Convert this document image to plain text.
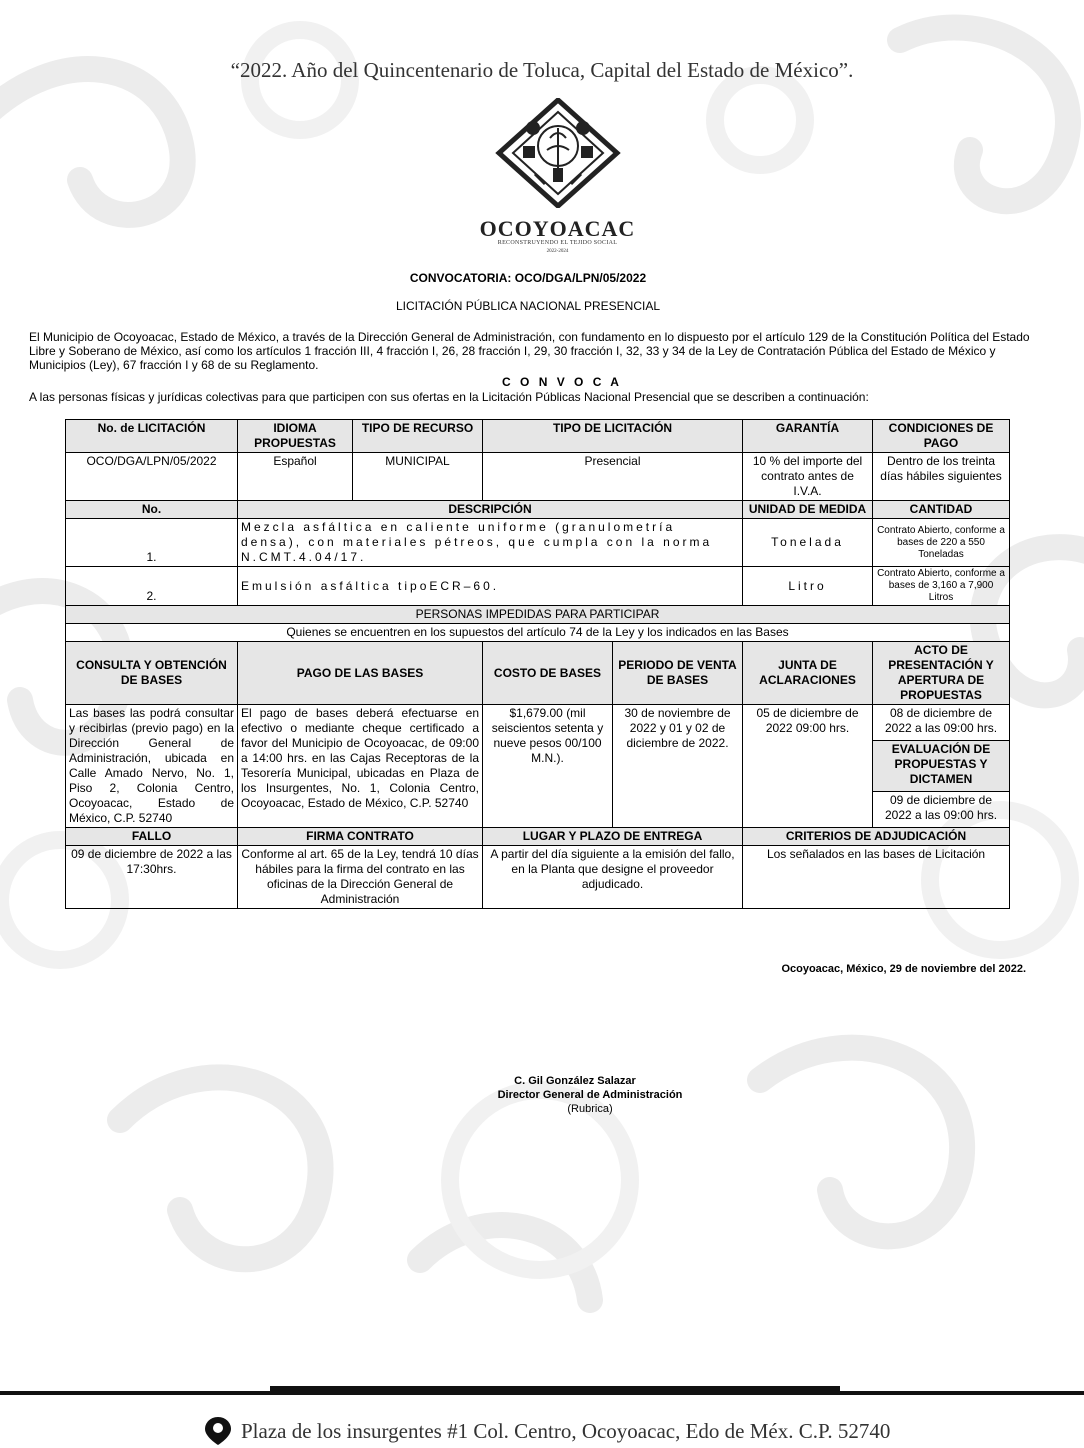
“2022. Año del Quincentenario de Toluca, Capital del Estado de México”.
OCOYOACAC
RECONSTRUYENDO EL TEJIDO SOCIAL
2022-2024
CONVOCATORIA: OCO/DGA/LPN/05/2022
LICITACIÓN PÚBLICA NACIONAL PRESENCIAL
El Municipio de Ocoyoacac, Estado de México, a través de la Dirección General de Administración, con fundamento en lo dispuesto por el artículo 129 de la Constitución Política del Estado Libre y Soberano de México, así como los artículos 1 fracción III, 4 fracción I, 26, 28 fracción I, 29, 30 fracción I, 32, 33 y 34 de la Ley de Contratación Pública del Estado de México y Municipios (Ley), 67 fracción I y 68 de su Reglamento.
C O N V O C A
A las personas físicas y jurídicas colectivas para que participen con sus ofertas en la Licitación Públicas Nacional Presencial que se describen a continuación:
No. de LICITACIÓN	IDIOMA PROPUESTAS	TIPO DE RECURSO	TIPO DE LICITACIÓN		GARANTÍA	CONDICIONES DE PAGO
OCO/DGA/LPN/05/2022	Español	MUNICIPAL	Presencial		10 % del importe del contrato antes de I.V.A.	Dentro de los treinta días hábiles siguientes
No.	DESCRIPCIÓN				UNIDAD DE MEDIDA	CANTIDAD
1.	Mezcla asfáltica en caliente uniforme (granulometría densa), con materiales pétreos, que cumpla con la norma N.CMT.4.04/17.				Tonelada	Contrato Abierto, conforme a bases de 220 a 550 Toneladas
2.	Emulsión asfáltica tipoECR–60.				Litro	Contrato Abierto, conforme a bases de 3,160 a 7,900 Litros
PERSONAS IMPEDIDAS PARA PARTICIPAR						
Quienes se encuentren en los supuestos del artículo 74 de la Ley y los indicados en las Bases						
CONSULTA Y OBTENCIÓN DE BASES	PAGO DE LAS BASES		COSTO DE BASES	PERIODO DE VENTA DE BASES	JUNTA DE ACLARACIONES	ACTO DE PRESENTACIÓN Y APERTURA DE PROPUESTAS
Las bases las podrá consultar y recibirlas (previo pago) en la Dirección General de Administración, ubicada en Calle Amado Nervo, No. 1, Piso 2, Colonia Centro, Ocoyoacac, Estado de México, C.P. 52740	El pago de bases deberá efectuarse en efectivo o mediante cheque certificado a favor del Municipio de Ocoyoacac, de 09:00 a 14:00 hrs. en las Cajas Receptoras de la Tesorería Municipal, ubicadas en Plaza de los Insurgentes, No. 1, Colonia Centro, Ocoyoacac, Estado de México, C.P. 52740		$1,679.00 (mil seiscientos setenta y nueve pesos 00/100 M.N.).	30 de noviembre de 2022 y 01 y 02 de diciembre de 2022.	05 de diciembre de 2022 09:00 hrs.	08 de diciembre de 2022 a las 09:00 hrs.
						EVALUACIÓN DE PROPUESTAS Y DICTAMEN
						09 de diciembre de 2022 a las 09:00 hrs.
FALLO	FIRMA CONTRATO		LUGAR Y PLAZO DE ENTREGA		CRITERIOS DE ADJUDICACIÓN	
09 de diciembre de 2022 a las 17:30hrs.	Conforme al art. 65 de la Ley, tendrá 10 días hábiles para la firma del contrato en las oficinas de la Dirección General de Administración		A partir del día siguiente a la emisión del fallo, en la Planta que designe el proveedor adjudicado.		Los señalados en las bases de Licitación	
Ocoyoacac, México, 29 de noviembre del 2022.
C. Gil González Salazar
Director General de Administración
(Rubrica)
Plaza de los insurgentes #1 Col. Centro, Ocoyoacac, Edo de Méx. C.P. 52740
